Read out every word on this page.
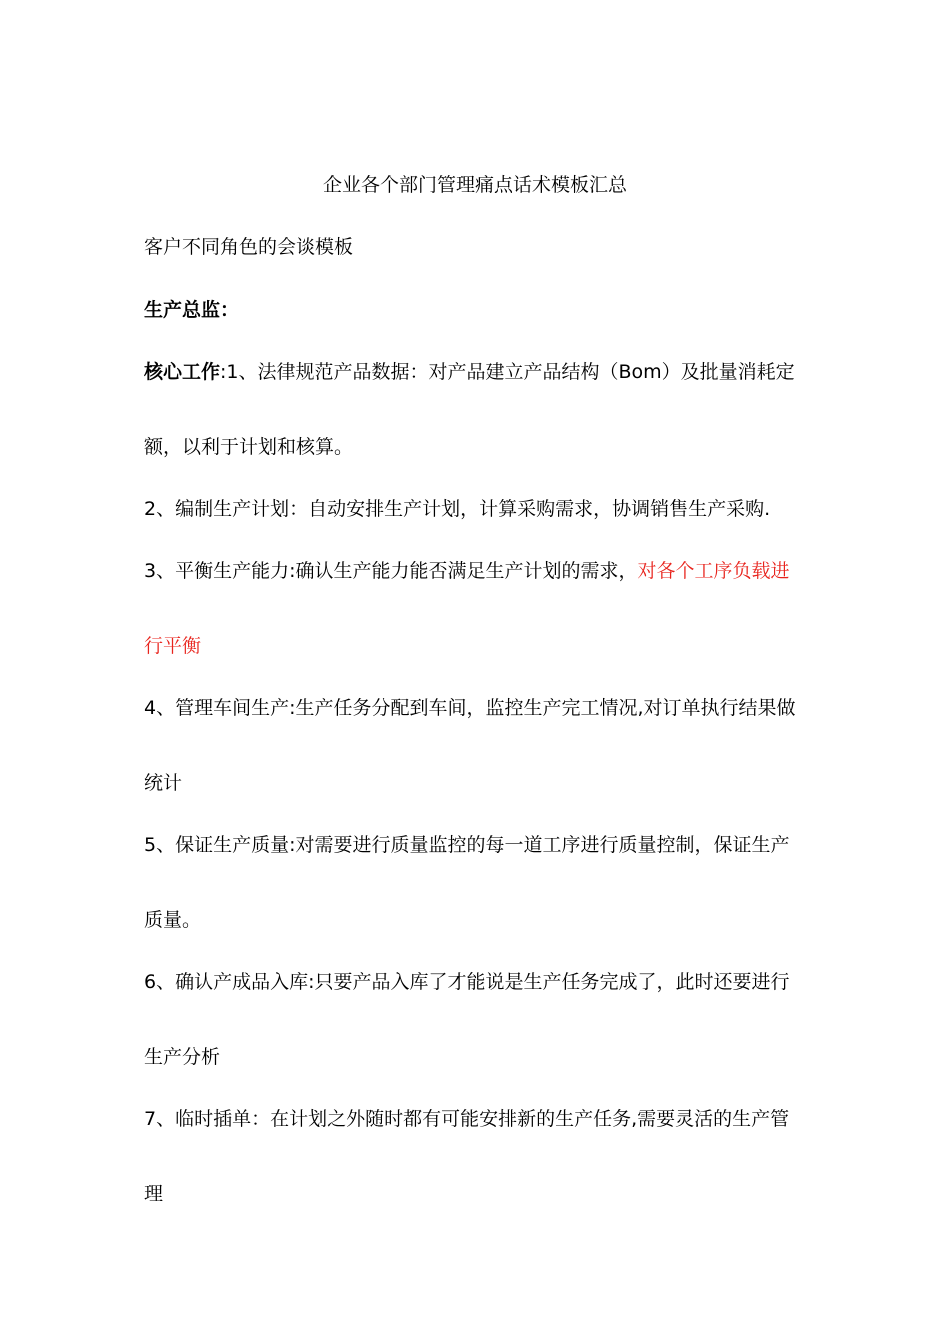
企业各个部门管理痛点话术模板汇总
客户不同角色的会谈模板
生产总监：
核心工作:1、法律规范产品数据：对产品建立产品结构（Bom）及批量消耗定
额，以利于计划和核算。
2、编制生产计划：自动安排生产计划，计算采购需求，协调销售生产采购.
3、平衡生产能力:确认生产能力能否满足生产计划的需求，对各个工序负载进
行平衡
4、管理车间生产:生产任务分配到车间，监控生产完工情况,对订单执行结果做
统计
5、保证生产质量:对需要进行质量监控的每一道工序进行质量控制，保证生产
质量。
6、确认产成品入库:只要产品入库了才能说是生产任务完成了，此时还要进行
生产分析
7、临时插单：在计划之外随时都有可能安排新的生产任务,需要灵活的生产管
理
